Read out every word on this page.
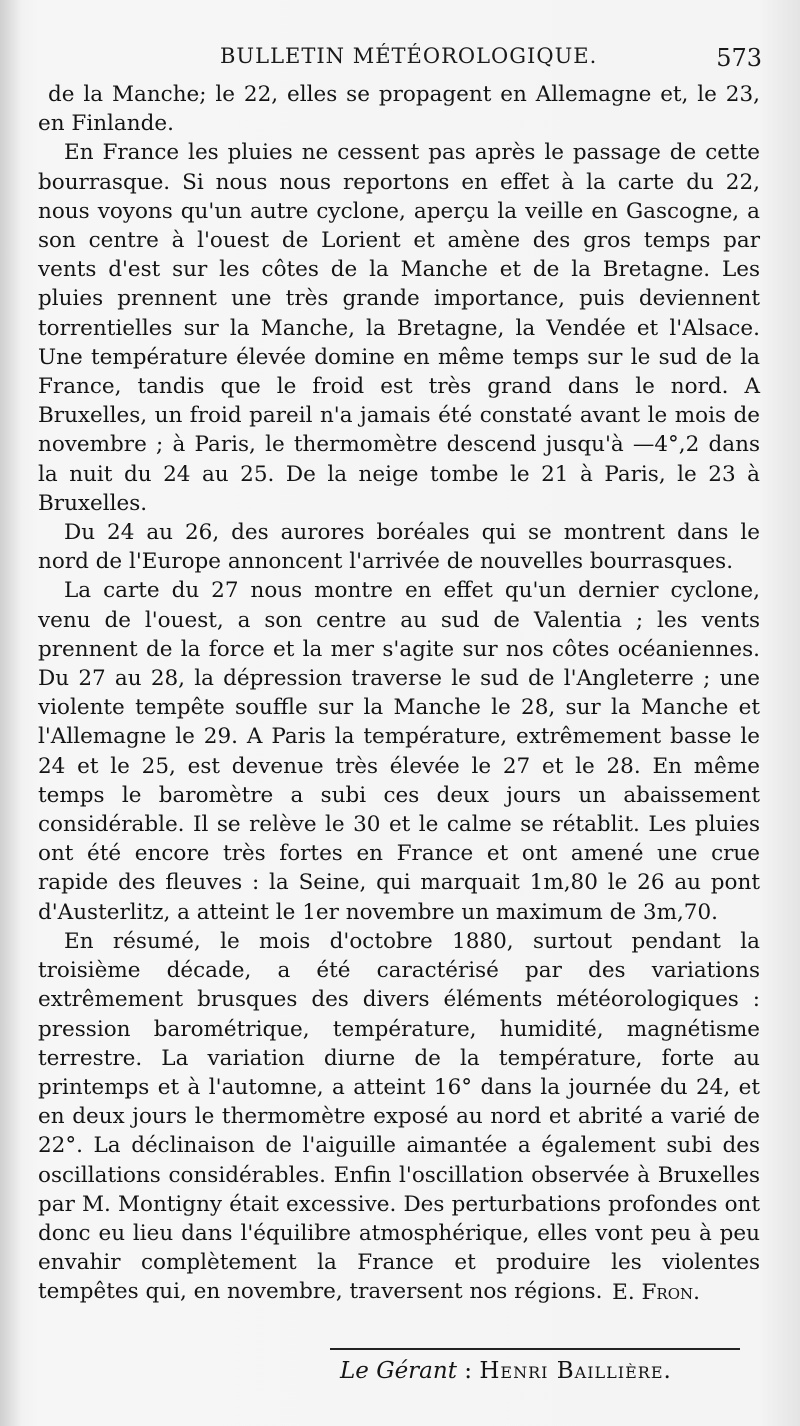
BULLETIN MÉTÉOROLOGIQUE.	573

de la Manche; le 22, elles se propagent en Allemagne et, le 23, en Finlande.

En France les pluies ne cessent pas après le passage de cette bourrasque. Si nous nous reportons en effet à la carte du 22, nous voyons qu'un autre cyclone, aperçu la veille en Gascogne, a son centre à l'ouest de Lorient et amène des gros temps par vents d'est sur les côtes de la Manche et de la Bretagne. Les pluies prennent une très grande importance, puis deviennent torrentielles sur la Manche, la Bretagne, la Vendée et l'Alsace. Une température élevée domine en même temps sur le sud de la France, tandis que le froid est très grand dans le nord. A Bruxelles, un froid pareil n'a jamais été constaté avant le mois de novembre ; à Paris, le thermomètre descend jusqu'à —4°,2 dans la nuit du 24 au 25. De la neige tombe le 21 à Paris, le 23 à Bruxelles.

Du 24 au 26, des aurores boréales qui se montrent dans le nord de l'Europe annoncent l'arrivée de nouvelles bourrasques.

La carte du 27 nous montre en effet qu'un dernier cyclone, venu de l'ouest, a son centre au sud de Valentia ; les vents prennent de la force et la mer s'agite sur nos côtes océaniennes. Du 27 au 28, la dépression traverse le sud de l'Angleterre ; une violente tempête souffle sur la Manche le 28, sur la Manche et l'Allemagne le 29. A Paris la température, extrêmement basse le 24 et le 25, est devenue très élevée le 27 et le 28. En même temps le baromètre a subi ces deux jours un abaissement considérable. Il se relève le 30 et le calme se rétablit. Les pluies ont été encore très fortes en France et ont amené une crue rapide des fleuves : la Seine, qui marquait 1m,80 le 26 au pont d'Austerlitz, a atteint le 1er novembre un maximum de 3m,70.

En résumé, le mois d'octobre 1880, surtout pendant la troisième décade, a été caractérisé par des variations extrêmement brusques des divers éléments météorologiques : pression barométrique, température, humidité, magnétisme terrestre. La variation diurne de la température, forte au printemps et à l'automne, a atteint 16° dans la journée du 24, et en deux jours le thermomètre exposé au nord et abrité a varié de 22°. La déclinaison de l'aiguille aimantée a également subi des oscillations considérables. Enfin l'oscillation observée à Bruxelles par M. Montigny était excessive. Des perturbations profondes ont donc eu lieu dans l'équilibre atmosphérique, elles vont peu à peu envahir complètement la France et produire les violentes tempêtes qui, en novembre, traversent nos régions. E. Fron.
Le Gérant : Henri Baillière.
